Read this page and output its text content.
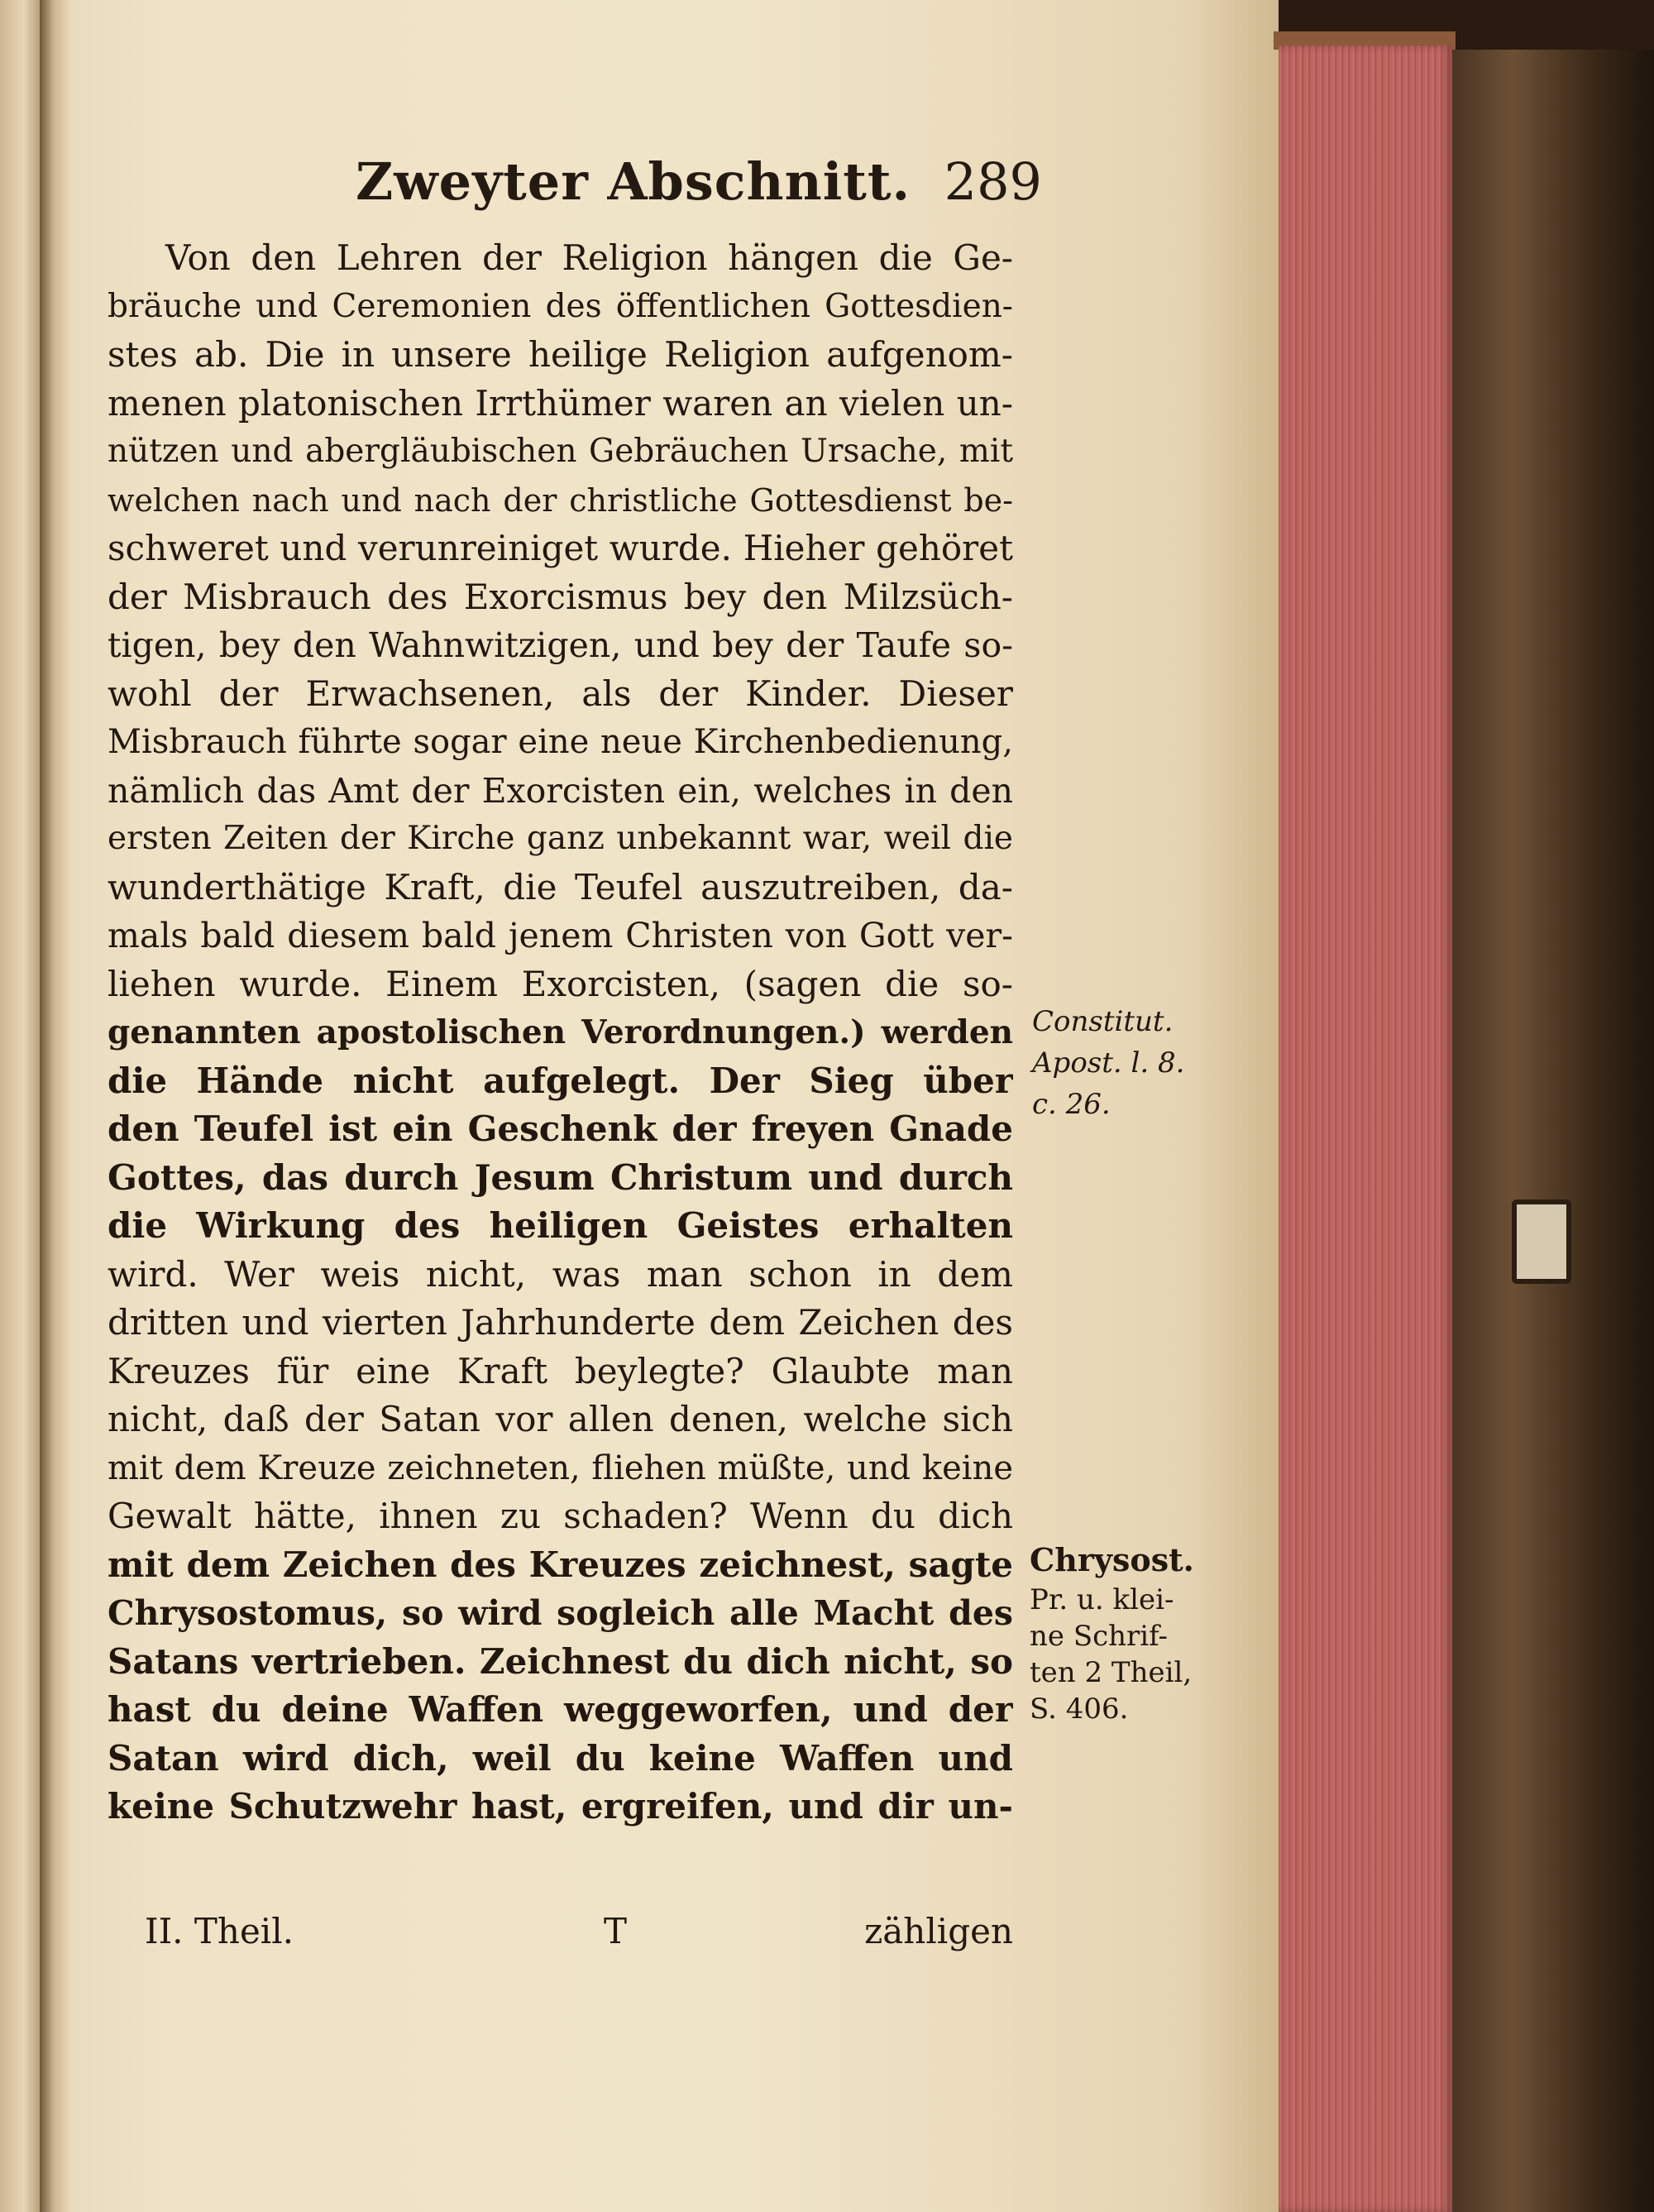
Zweyter Abschnitt. 289
Von den Lehren der Religion hängen die Ge-
bräuche und Ceremonien des öffentlichen Gottesdien-
stes ab. Die in unsere heilige Religion aufgenom-
menen platonischen Irrthümer waren an vielen un-
nützen und abergläubischen Gebräuchen Ursache, mit
welchen nach und nach der christliche Gottesdienst be-
schweret und verunreiniget wurde. Hieher gehöret
der Misbrauch des Exorcismus bey den Milzsüch-
tigen, bey den Wahnwitzigen, und bey der Taufe so-
wohl der Erwachsenen, als der Kinder. Dieser
Misbrauch führte sogar eine neue Kirchenbedienung,
nämlich das Amt der Exorcisten ein, welches in den
ersten Zeiten der Kirche ganz unbekannt war, weil die
wunderthätige Kraft, die Teufel auszutreiben, da-
mals bald diesem bald jenem Christen von Gott ver-
liehen wurde. Einem Exorcisten, (sagen die so-
genannten apostolischen Verordnungen.) werden
die Hände nicht aufgelegt. Der Sieg über
den Teufel ist ein Geschenk der freyen Gnade
Gottes, das durch Jesum Christum und durch
die Wirkung des heiligen Geistes erhalten
wird. Wer weis nicht, was man schon in dem
dritten und vierten Jahrhunderte dem Zeichen des
Kreuzes für eine Kraft beylegte? Glaubte man
nicht, daß der Satan vor allen denen, welche sich
mit dem Kreuze zeichneten, fliehen müßte, und keine
Gewalt hätte, ihnen zu schaden? Wenn du dich
mit dem Zeichen des Kreuzes zeichnest, sagte
Chrysostomus, so wird sogleich alle Macht des
Satans vertrieben. Zeichnest du dich nicht, so
hast du deine Waffen weggeworfen, und der
Satan wird dich, weil du keine Waffen und
keine Schutzwehr hast, ergreifen, und dir un-
II. Theil.	T	zähligen
Constitut.
Apost. l. 8.
c. 26.
Chrysost.
Pr. u. klei-
ne Schrif-
ten 2 Theil,
S. 406.
